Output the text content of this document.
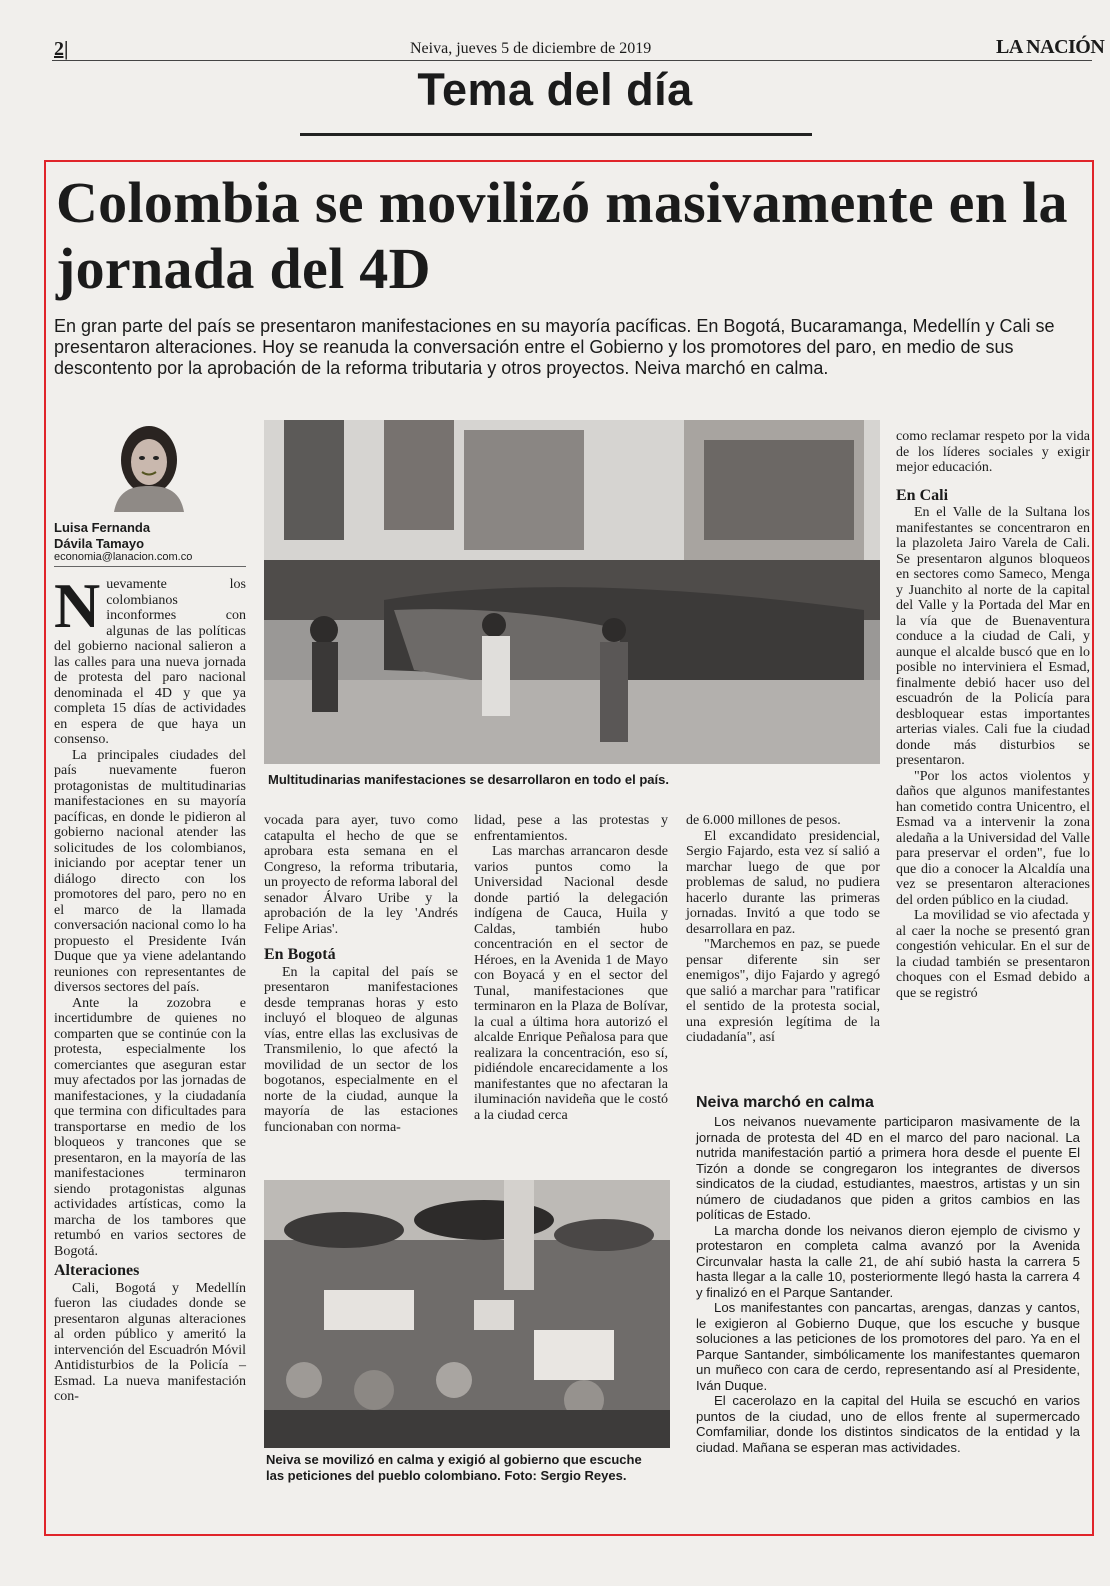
2|	Neiva, jueves 5 de diciembre de 2019	LA NACIÓN
Tema del día
Colombia se movilizó masivamente en la jornada del 4D
En gran parte del país se presentaron manifestaciones en su mayoría pacíficas. En Bogotá, Bucaramanga, Medellín y Cali se presentaron alteraciones. Hoy se reanuda la conversación entre el Gobierno y los promotores del paro, en medio de sus descontento por la aprobación de la reforma tributaria y otros proyectos. Neiva marchó en calma.
Luisa Fernanda
Dávila Tamayo
economia@lanacion.com.co

Nuevamente los colombianos inconformes con algunas de las políticas del gobierno nacional salieron a las calles para una nueva jornada de protesta del paro nacional denominada el 4D y que ya completa 15 días de actividades en espera de que haya un consenso.

La principales ciudades del país nuevamente fueron protagonistas de multitudinarias manifestaciones en su mayoría pacíficas, en donde le pidieron al gobierno nacional atender las solicitudes de los colombianos, iniciando por aceptar tener un diálogo directo con los promotores del paro, pero no en el marco de la llamada conversación nacional como lo ha propuesto el Presidente Iván Duque que ya viene adelantando reuniones con representantes de diversos sectores del país.

Ante la zozobra e incertidumbre de quienes no comparten que se continúe con la protesta, especialmente los comerciantes que aseguran estar muy afectados por las jornadas de manifestaciones, y la ciudadanía que termina con dificultades para transportarse en medio de los bloqueos y trancones que se presentaron, en la mayoría de las manifestaciones terminaron siendo protagonistas algunas actividades artísticas, como la marcha de los tambores que retumbó en varios sectores de Bogotá.

Alteraciones

Cali, Bogotá y Medellín fueron las ciudades donde se presentaron algunas alteraciones al orden público y ameritó la intervención del Escuadrón Móvil Antidisturbios de la Policía – Esmad. La nueva manifestación con-

Multitudinarias manifestaciones se desarrollaron en todo el país.

vocada para ayer, tuvo como catapulta el hecho de que se aprobara esta semana en el Congreso, la reforma tributaria, un proyecto de reforma laboral del senador Álvaro Uribe y la aprobación de la ley 'Andrés Felipe Arias'.

En Bogotá

En la capital del país se presentaron manifestaciones desde tempranas horas y esto incluyó el bloqueo de algunas vías, entre ellas las exclusivas de Transmilenio, lo que afectó la movilidad de un sector de los bogotanos, especialmente en el norte de la ciudad, aunque la mayoría de las estaciones funcionaban con norma-

lidad, pese a las protestas y enfrentamientos.

Las marchas arrancaron desde varios puntos como la Universidad Nacional desde donde partió la delegación indígena de Cauca, Huila y Caldas, también hubo concentración en el sector de Héroes, en la Avenida 1 de Mayo con Boyacá y en el sector del Tunal, manifestaciones que terminaron en la Plaza de Bolívar, la cual a última hora autorizó el alcalde Enrique Peñalosa para que realizara la concentración, eso sí, pidiéndole encarecidamente a los manifestantes que no afectaran la iluminación navideña que le costó a la ciudad cerca

de 6.000 millones de pesos.

El excandidato presidencial, Sergio Fajardo, esta vez sí salió a marchar luego de que por problemas de salud, no pudiera hacerlo durante las primeras jornadas. Invitó a que todo se desarrollara en paz.

"Marchemos en paz, se puede pensar diferente sin ser enemigos", dijo Fajardo y agregó que salió a marchar para "ratificar el sentido de la protesta social, una expresión legítima de la ciudadanía", así

como reclamar respeto por la vida de los líderes sociales y exigir mejor educación.

En Cali

En el Valle de la Sultana los manifestantes se concentraron en la plazoleta Jairo Varela de Cali. Se presentaron algunos bloqueos en sectores como Sameco, Menga y Juanchito al norte de la capital del Valle y la Portada del Mar en la vía que de Buenaventura conduce a la ciudad de Cali, y aunque el alcalde buscó que en lo posible no interviniera el Esmad, finalmente debió hacer uso del escuadrón de la Policía para desbloquear estas importantes arterias viales. Cali fue la ciudad donde más disturbios se presentaron.

"Por los actos violentos y daños que algunos manifestantes han cometido contra Unicentro, el Esmad va a intervenir la zona aledaña a la Universidad del Valle para preservar el orden", fue lo que dio a conocer la Alcaldía una vez se presentaron alteraciones del orden público en la ciudad.

La movilidad se vio afectada y al caer la noche se presentó gran congestión vehicular. En el sur de la ciudad también se presentaron choques con el Esmad debido a que se registró

Neiva marchó en calma

Los neivanos nuevamente participaron masivamente de la jornada de protesta del 4D en el marco del paro nacional. La nutrida manifestación partió a primera hora desde el puente El Tizón a donde se congregaron los integrantes de diversos sindicatos de la ciudad, estudiantes, maestros, artistas y un sin número de ciudadanos que piden a gritos cambios en las políticas de Estado.

La marcha donde los neivanos dieron ejemplo de civismo y protestaron en completa calma avanzó por la Avenida Circunvalar hasta la calle 21, de ahí subió hasta la carrera 5 hasta llegar a la calle 10, posteriormente llegó hasta la carrera 4 y finalizó en el Parque Santander.

Los manifestantes con pancartas, arengas, danzas y cantos, le exigieron al Gobierno Duque, que los escuche y busque soluciones a las peticiones de los promotores del paro. Ya en el Parque Santander, simbólicamente los manifestantes quemaron un muñeco con cara de cerdo, representando así al Presidente, Iván Duque.

El cacerolazo en la capital del Huila se escuchó en varios puntos de la ciudad, uno de ellos frente al supermercado Comfamiliar, donde los distintos sindicatos de la entidad y la ciudad. Mañana se esperan mas actividades.

Neiva se movilizó en calma y exigió al gobierno que escuche
las peticiones del pueblo colombiano. Foto: Sergio Reyes.
